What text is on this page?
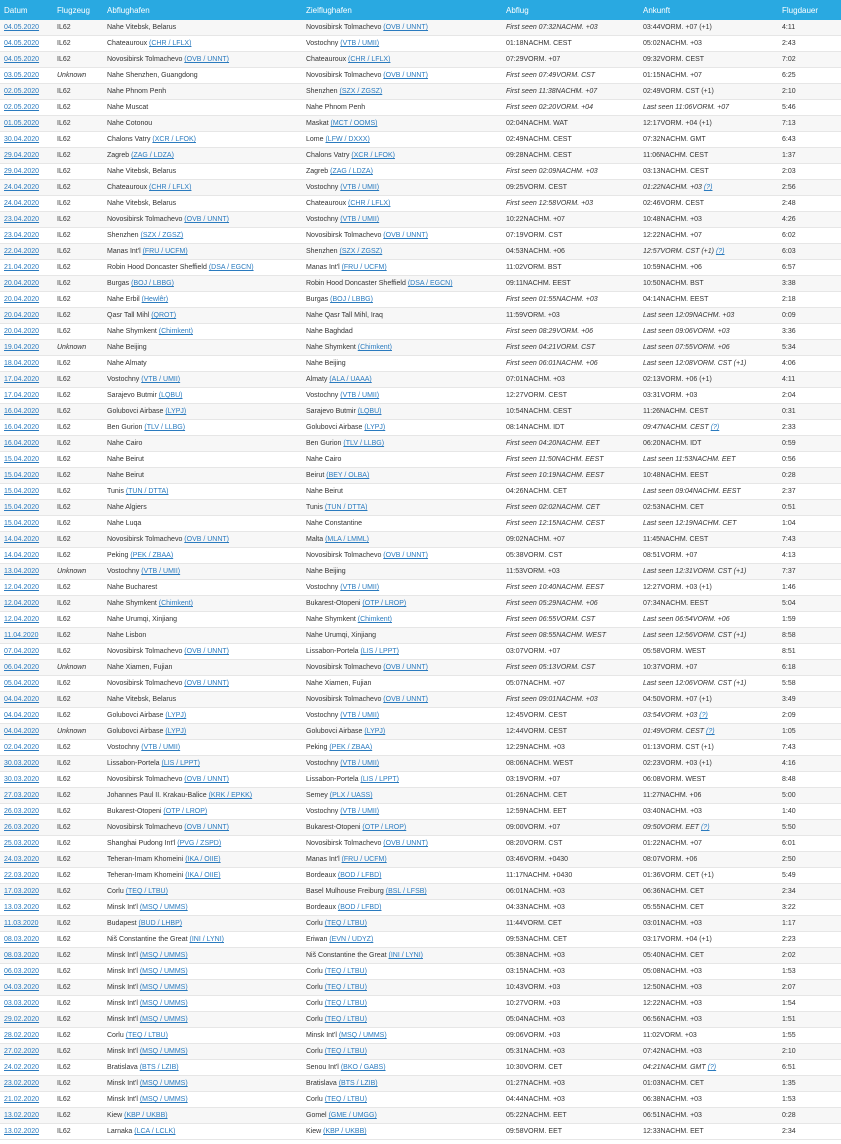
Datum	Flugzeug	Abflughafen	Zielflughafen	Abflug	Ankunft	Flugdauer
04.05.2020	IL62	Nahe Vitebsk, Belarus	Novosibirsk Tolmachevo (OVB / UNNT)	First seen 07:32NACHM. +03	03:44VORM. +07 (+1)	4:11
04.05.2020	IL62	Chateauroux (CHR / LFLX)	Vostochny (VTB / UMII)	01:18NACHM. CEST	05:02NACHM. +03	2:43
04.05.2020	IL62	Novosibirsk Tolmachevo (OVB / UNNT)	Chateauroux (CHR / LFLX)	07:29VORM. +07	09:32VORM. CEST	7:02
03.05.2020	Unknown	Nahe Shenzhen, Guangdong	Novosibirsk Tolmachevo (OVB / UNNT)	First seen 07:49VORM. CST	01:15NACHM. +07	6:25
02.05.2020	IL62	Nahe Phnom Penh	Shenzhen (SZX / ZGSZ)	First seen 11:38NACHM. +07	02:49VORM. CST (+1)	2:10
02.05.2020	IL62	Nahe Muscat	Nahe Phnom Penh	First seen 02:20VORM. +04	Last seen 11:06VORM. +07	5:46
01.05.2020	IL62	Nahe Cotonou	Maskat (MCT / OOMS)	02:04NACHM. WAT	12:17VORM. +04 (+1)	7:13
30.04.2020	IL62	Chalons Vatry (XCR / LFOK)	Lome (LFW / DXXX)	02:49NACHM. CEST	07:32NACHM. GMT	6:43
29.04.2020	IL62	Zagreb (ZAG / LDZA)	Chalons Vatry (XCR / LFOK)	09:28NACHM. CEST	11:06NACHM. CEST	1:37
29.04.2020	IL62	Nahe Vitebsk, Belarus	Zagreb (ZAG / LDZA)	First seen 02:09NACHM. +03	03:13NACHM. CEST	2:03
24.04.2020	IL62	Chateauroux (CHR / LFLX)	Vostochny (VTB / UMII)	09:25VORM. CEST	01:22NACHM. +03 (?)	2:56
24.04.2020	IL62	Nahe Vitebsk, Belarus	Chateauroux (CHR / LFLX)	First seen 12:58VORM. +03	02:46VORM. CEST	2:48
23.04.2020	IL62	Novosibirsk Tolmachevo (OVB / UNNT)	Vostochny (VTB / UMII)	10:22NACHM. +07	10:48NACHM. +03	4:26
23.04.2020	IL62	Shenzhen (SZX / ZGSZ)	Novosibirsk Tolmachevo (OVB / UNNT)	07:19VORM. CST	12:22NACHM. +07	6:02
22.04.2020	IL62	Manas Int'l (FRU / UCFM)	Shenzhen (SZX / ZGSZ)	04:53NACHM. +06	12:57VORM. CST (+1) (?)	6:03
21.04.2020	IL62	Robin Hood Doncaster Sheffield (DSA / EGCN)	Manas Int'l (FRU / UCFM)	11:02VORM. BST	10:59NACHM. +06	6:57
20.04.2020	IL62	Burgas (BOJ / LBBG)	Robin Hood Doncaster Sheffield (DSA / EGCN)	09:11NACHM. EEST	10:50NACHM. BST	3:38
20.04.2020	IL62	Nahe Erbil (Hewlêr)	Burgas (BOJ / LBBG)	First seen 01:55NACHM. +03	04:14NACHM. EEST	2:18
20.04.2020	IL62	Qasr Tall Mihl (QROT)	Nahe Qasr Tall Mihl, Iraq	11:59VORM. +03	Last seen 12:09NACHM. +03	0:09
20.04.2020	IL62	Nahe Shymkent (Chimkent)	Nahe Baghdad	First seen 08:29VORM. +06	Last seen 09:06VORM. +03	3:36
19.04.2020	Unknown	Nahe Beijing	Nahe Shymkent (Chimkent)	First seen 04:21VORM. CST	Last seen 07:55VORM. +06	5:34
18.04.2020	IL62	Nahe Almaty	Nahe Beijing	First seen 06:01NACHM. +06	Last seen 12:08VORM. CST (+1)	4:06
17.04.2020	IL62	Vostochny (VTB / UMII)	Almaty (ALA / UAAA)	07:01NACHM. +03	02:13VORM. +06 (+1)	4:11
17.04.2020	IL62	Sarajevo Butmir (LQBU)	Vostochny (VTB / UMII)	12:27VORM. CEST	03:31VORM. +03	2:04
16.04.2020	IL62	Golubovci Airbase (LYPJ)	Sarajevo Butmir (LQBU)	10:54NACHM. CEST	11:26NACHM. CEST	0:31
16.04.2020	IL62	Ben Gurion (TLV / LLBG)	Golubovci Airbase (LYPJ)	08:14NACHM. IDT	09:47NACHM. CEST (?)	2:33
16.04.2020	IL62	Nahe Cairo	Ben Gurion (TLV / LLBG)	First seen 04:20NACHM. EET	06:20NACHM. IDT	0:59
15.04.2020	IL62	Nahe Beirut	Nahe Cairo	First seen 11:50NACHM. EEST	Last seen 11:53NACHM. EET	0:56
15.04.2020	IL62	Nahe Beirut	Beirut (BEY / OLBA)	First seen 10:19NACHM. EEST	10:48NACHM. EEST	0:28
15.04.2020	IL62	Tunis (TUN / DTTA)	Nahe Beirut	04:26NACHM. CET	Last seen 09:04NACHM. EEST	2:37
15.04.2020	IL62	Nahe Algiers	Tunis (TUN / DTTA)	First seen 02:02NACHM. CET	02:53NACHM. CET	0:51
15.04.2020	IL62	Nahe Luqa	Nahe Constantine	First seen 12:15NACHM. CEST	Last seen 12:19NACHM. CET	1:04
14.04.2020	IL62	Novosibirsk Tolmachevo (OVB / UNNT)	Malta (MLA / LMML)	09:02NACHM. +07	11:45NACHM. CEST	7:43
14.04.2020	IL62	Peking (PEK / ZBAA)	Novosibirsk Tolmachevo (OVB / UNNT)	05:38VORM. CST	08:51VORM. +07	4:13
13.04.2020	Unknown	Vostochny (VTB / UMII)	Nahe Beijing	11:53VORM. +03	Last seen 12:31VORM. CST (+1)	7:37
12.04.2020	IL62	Nahe Bucharest	Vostochny (VTB / UMII)	First seen 10:40NACHM. EEST	12:27VORM. +03 (+1)	1:46
12.04.2020	IL62	Nahe Shymkent (Chimkent)	Bukarest-Otopeni (OTP / LROP)	First seen 05:29NACHM. +06	07:34NACHM. EEST	5:04
12.04.2020	IL62	Nahe Urumqi, Xinjiang	Nahe Shymkent (Chimkent)	First seen 06:55VORM. CST	Last seen 06:54VORM. +06	1:59
11.04.2020	IL62	Nahe Lisbon	Nahe Urumqi, Xinjiang	First seen 08:55NACHM. WEST	Last seen 12:56VORM. CST (+1)	8:58
07.04.2020	IL62	Novosibirsk Tolmachevo (OVB / UNNT)	Lissabon-Portela (LIS / LPPT)	03:07VORM. +07	05:58VORM. WEST	8:51
06.04.2020	Unknown	Nahe Xiamen, Fujian	Novosibirsk Tolmachevo (OVB / UNNT)	First seen 05:13VORM. CST	10:37VORM. +07	6:18
05.04.2020	IL62	Novosibirsk Tolmachevo (OVB / UNNT)	Nahe Xiamen, Fujian	05:07NACHM. +07	Last seen 12:06VORM. CST (+1)	5:58
04.04.2020	IL62	Nahe Vitebsk, Belarus	Novosibirsk Tolmachevo (OVB / UNNT)	First seen 09:01NACHM. +03	04:50VORM. +07 (+1)	3:49
04.04.2020	IL62	Golubovci Airbase (LYPJ)	Vostochny (VTB / UMII)	12:45VORM. CEST	03:54VORM. +03 (?)	2:09
04.04.2020	Unknown	Golubovci Airbase (LYPJ)	Golubovci Airbase (LYPJ)	12:44VORM. CEST	01:49VORM. CEST (?)	1:05
02.04.2020	IL62	Vostochny (VTB / UMII)	Peking (PEK / ZBAA)	12:29NACHM. +03	01:13VORM. CST (+1)	7:43
30.03.2020	IL62	Lissabon-Portela (LIS / LPPT)	Vostochny (VTB / UMII)	08:06NACHM. WEST	02:23VORM. +03 (+1)	4:16
30.03.2020	IL62	Novosibirsk Tolmachevo (OVB / UNNT)	Lissabon-Portela (LIS / LPPT)	03:19VORM. +07	06:08VORM. WEST	8:48
27.03.2020	IL62	Johannes Paul II. Krakau-Balice (KRK / EPKK)	Semey (PLX / UASS)	01:26NACHM. CET	11:27NACHM. +06	5:00
26.03.2020	IL62	Bukarest-Otopeni (OTP / LROP)	Vostochny (VTB / UMII)	12:59NACHM. EET	03:40NACHM. +03	1:40
26.03.2020	IL62	Novosibirsk Tolmachevo (OVB / UNNT)	Bukarest-Otopeni (OTP / LROP)	09:00VORM. +07	09:50VORM. EET (?)	5:50
25.03.2020	IL62	Shanghai Pudong Int'l (PVG / ZSPD)	Novosibirsk Tolmachevo (OVB / UNNT)	08:20VORM. CST	01:22NACHM. +07	6:01
24.03.2020	IL62	Teheran-Imam Khomeini (IKA / OIIE)	Manas Int'l (FRU / UCFM)	03:46VORM. +0430	08:07VORM. +06	2:50
22.03.2020	IL62	Teheran-Imam Khomeini (IKA / OIIE)	Bordeaux (BOD / LFBD)	11:17NACHM. +0430	01:36VORM. CET (+1)	5:49
17.03.2020	IL62	Corlu (TEQ / LTBU)	Basel Mulhouse Freiburg (BSL / LFSB)	06:01NACHM. +03	06:36NACHM. CET	2:34
13.03.2020	IL62	Minsk Int'l (MSQ / UMMS)	Bordeaux (BOD / LFBD)	04:33NACHM. +03	05:55NACHM. CET	3:22
11.03.2020	IL62	Budapest (BUD / LHBP)	Corlu (TEQ / LTBU)	11:44VORM. CET	03:01NACHM. +03	1:17
08.03.2020	IL62	Niš Constantine the Great (INI / LYNI)	Eriwan (EVN / UDYZ)	09:53NACHM. CET	03:17VORM. +04 (+1)	2:23
08.03.2020	IL62	Minsk Int'l (MSQ / UMMS)	Niš Constantine the Great (INI / LYNI)	05:38NACHM. +03	05:40NACHM. CET	2:02
06.03.2020	IL62	Minsk Int'l (MSQ / UMMS)	Corlu (TEQ / LTBU)	03:15NACHM. +03	05:08NACHM. +03	1:53
04.03.2020	IL62	Minsk Int'l (MSQ / UMMS)	Corlu (TEQ / LTBU)	10:43VORM. +03	12:50NACHM. +03	2:07
03.03.2020	IL62	Minsk Int'l (MSQ / UMMS)	Corlu (TEQ / LTBU)	10:27VORM. +03	12:22NACHM. +03	1:54
29.02.2020	IL62	Minsk Int'l (MSQ / UMMS)	Corlu (TEQ / LTBU)	05:04NACHM. +03	06:56NACHM. +03	1:51
28.02.2020	IL62	Corlu (TEQ / LTBU)	Minsk Int'l (MSQ / UMMS)	09:06VORM. +03	11:02VORM. +03	1:55
27.02.2020	IL62	Minsk Int'l (MSQ / UMMS)	Corlu (TEQ / LTBU)	05:31NACHM. +03	07:42NACHM. +03	2:10
24.02.2020	IL62	Bratislava (BTS / LZIB)	Senou Int'l (BKO / GABS)	10:30VORM. CET	04:21NACHM. GMT (?)	6:51
23.02.2020	IL62	Minsk Int'l (MSQ / UMMS)	Bratislava (BTS / LZIB)	01:27NACHM. +03	01:03NACHM. CET	1:35
21.02.2020	IL62	Minsk Int'l (MSQ / UMMS)	Corlu (TEQ / LTBU)	04:44NACHM. +03	06:38NACHM. +03	1:53
13.02.2020	IL62	Kiew (KBP / UKBB)	Gomel (GME / UMGG)	05:22NACHM. EET	06:51NACHM. +03	0:28
13.02.2020	IL62	Larnaka (LCA / LCLK)	Kiew (KBP / UKBB)	09:58VORM. EET	12:33NACHM. EET	2:34
